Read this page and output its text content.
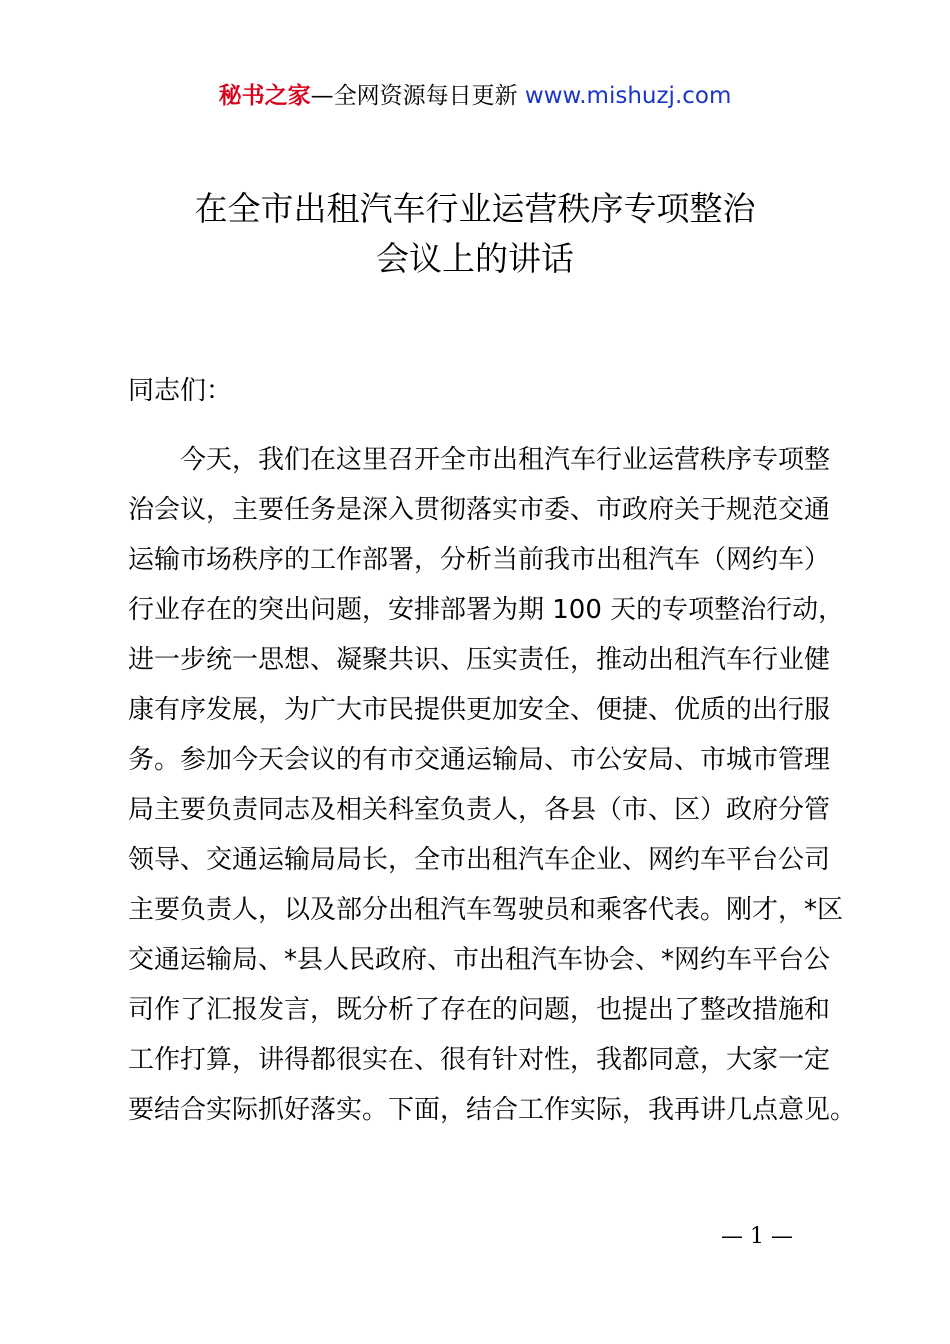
秘书之家—全网资源每日更新 www.mishuzj.com
在全市出租汽车行业运营秩序专项整治
会议上的讲话
同志们：
今天，我们在这里召开全市出租汽车行业运营秩序专项整
治会议，主要任务是深入贯彻落实市委、市政府关于规范交通
运输市场秩序的工作部署，分析当前我市出租汽车（网约车）
行业存在的突出问题，安排部署为期 100 天的专项整治行动，
进一步统一思想、凝聚共识、压实责任，推动出租汽车行业健
康有序发展，为广大市民提供更加安全、便捷、优质的出行服
务。参加今天会议的有市交通运输局、市公安局、市城市管理
局主要负责同志及相关科室负责人，各县（市、区）政府分管
领导、交通运输局局长，全市出租汽车企业、网约车平台公司
主要负责人，以及部分出租汽车驾驶员和乘客代表。刚才，*区
交通运输局、*县人民政府、市出租汽车协会、*网约车平台公
司作了汇报发言，既分析了存在的问题，也提出了整改措施和
工作打算，讲得都很实在、很有针对性，我都同意，大家一定
要结合实际抓好落实。下面，结合工作实际，我再讲几点意见。
— 1 —
